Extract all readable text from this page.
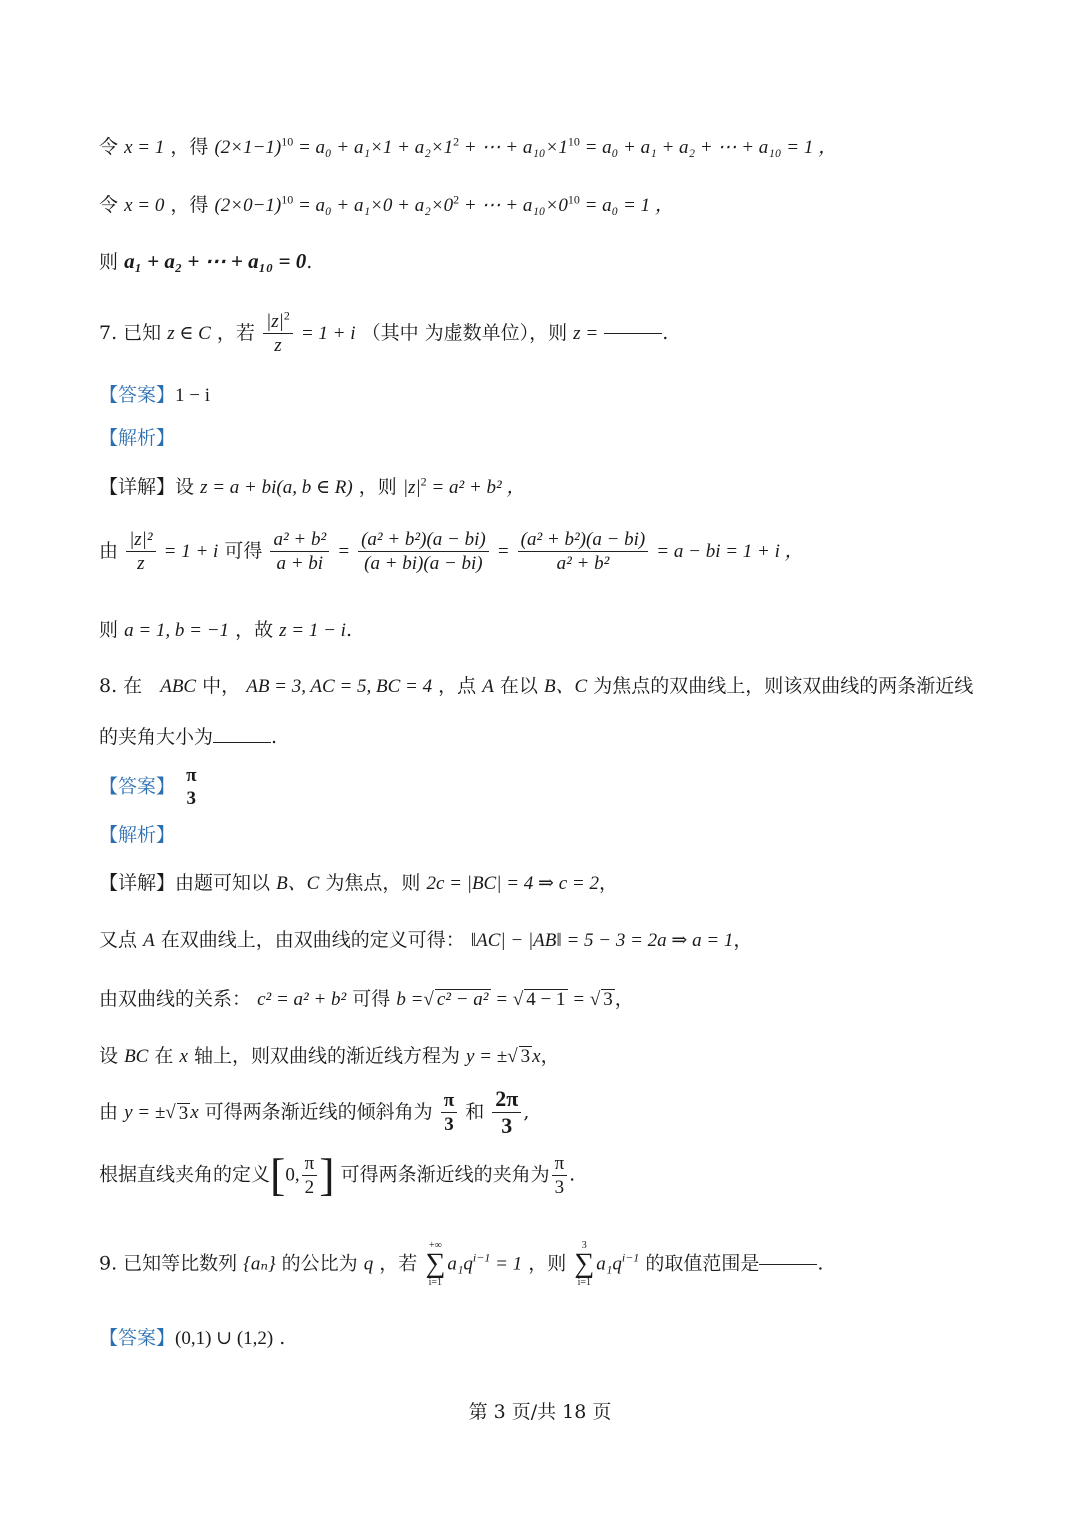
令 x = 1 ，得 $(2\times 1-1)^{10} = a_0 + a_1\times 1 + a_2\times 1^2$ + ⋯ + $a_{10}\times 1^{10} = a_0 + a_1 + a_2$ + ⋯ + a₁₀ = 1 ，
令 x = 0 ，得 $(2\times 0-1)^{10} = a_0 + a_1\times 0 + a_2\times 0^2$ + ⋯ + $a_{10}\times 0^{10} = a_0 = 1$ ，
则 a₁ + a₂ + ⋯ + a₁₀ = 0.
7. 已知 z ∈ C ，若 $\frac{|z|^2}{z} = 1 + i$ （其中 为虚数单位），则 z =	.
【答案】1 − i
【解析】
【详解】设 z = a + bi(a, b ∈ R) ，则 $|z|^2 = a^2 + b^2$ ，
由 $\frac{\text{|z|²}}{z} = 1 + i$ 可得 $\frac{\text{a² + b²}}{a + bi} = \frac{\text{(a² + b²)(a − bi)}}{(a + bi)(a - bi)} = \frac{\text{(a² + b²)(a − bi)}}{\text{a² + b²}} = a$ − bi = 1 + i ，
则 a = 1, b = −1 ，故 z = 1 − i.
8. 在 ABC 中， AB = 3, AC = 5, BC = 4 ，点 A 在以 B、C 为焦点的双曲线上，则该双曲线的两条渐近线
的夹角大小为	.
【答案】 π
3
【解析】
【详解】由题可知以 B、C 为焦点，则 2c = |BC| = 4 ⇒ c = 2，
又点 A 在双曲线上，由双曲线的定义可得： ‖AC| − |AB‖ = 5 − 3 = 2a ⇒ a = 1，
由双曲线的关系： c² = a² + b² 可得 b =√ c² − a² = √ 4 − 1 = √ 3 ，
设 BC 在 x 轴上，则双曲线的渐近线方程为 y = ±√ 3 x，
由 y = ±√ 3 x 可得两条渐近线的倾斜角为 $\frac{\pi}{3}$ 和 $\frac{2\pi}{3}$ ,
根据直线夹角的定义[0, $\frac{\pi}{2}$ ] 可得两条渐近线的夹角为 $\frac{\pi}{3}$ .
9. 已知等比数列 {aₙ} 的公比为 q ，若
+∞
∑
i=1
$a_1q^{i-1} = 1$ ，则
3
∑
i=1
$a_1q^{i-1}$ 的取值范围是	.
【答案】(0,1) ∪ (1,2) .
第 3 页/共 18 页
